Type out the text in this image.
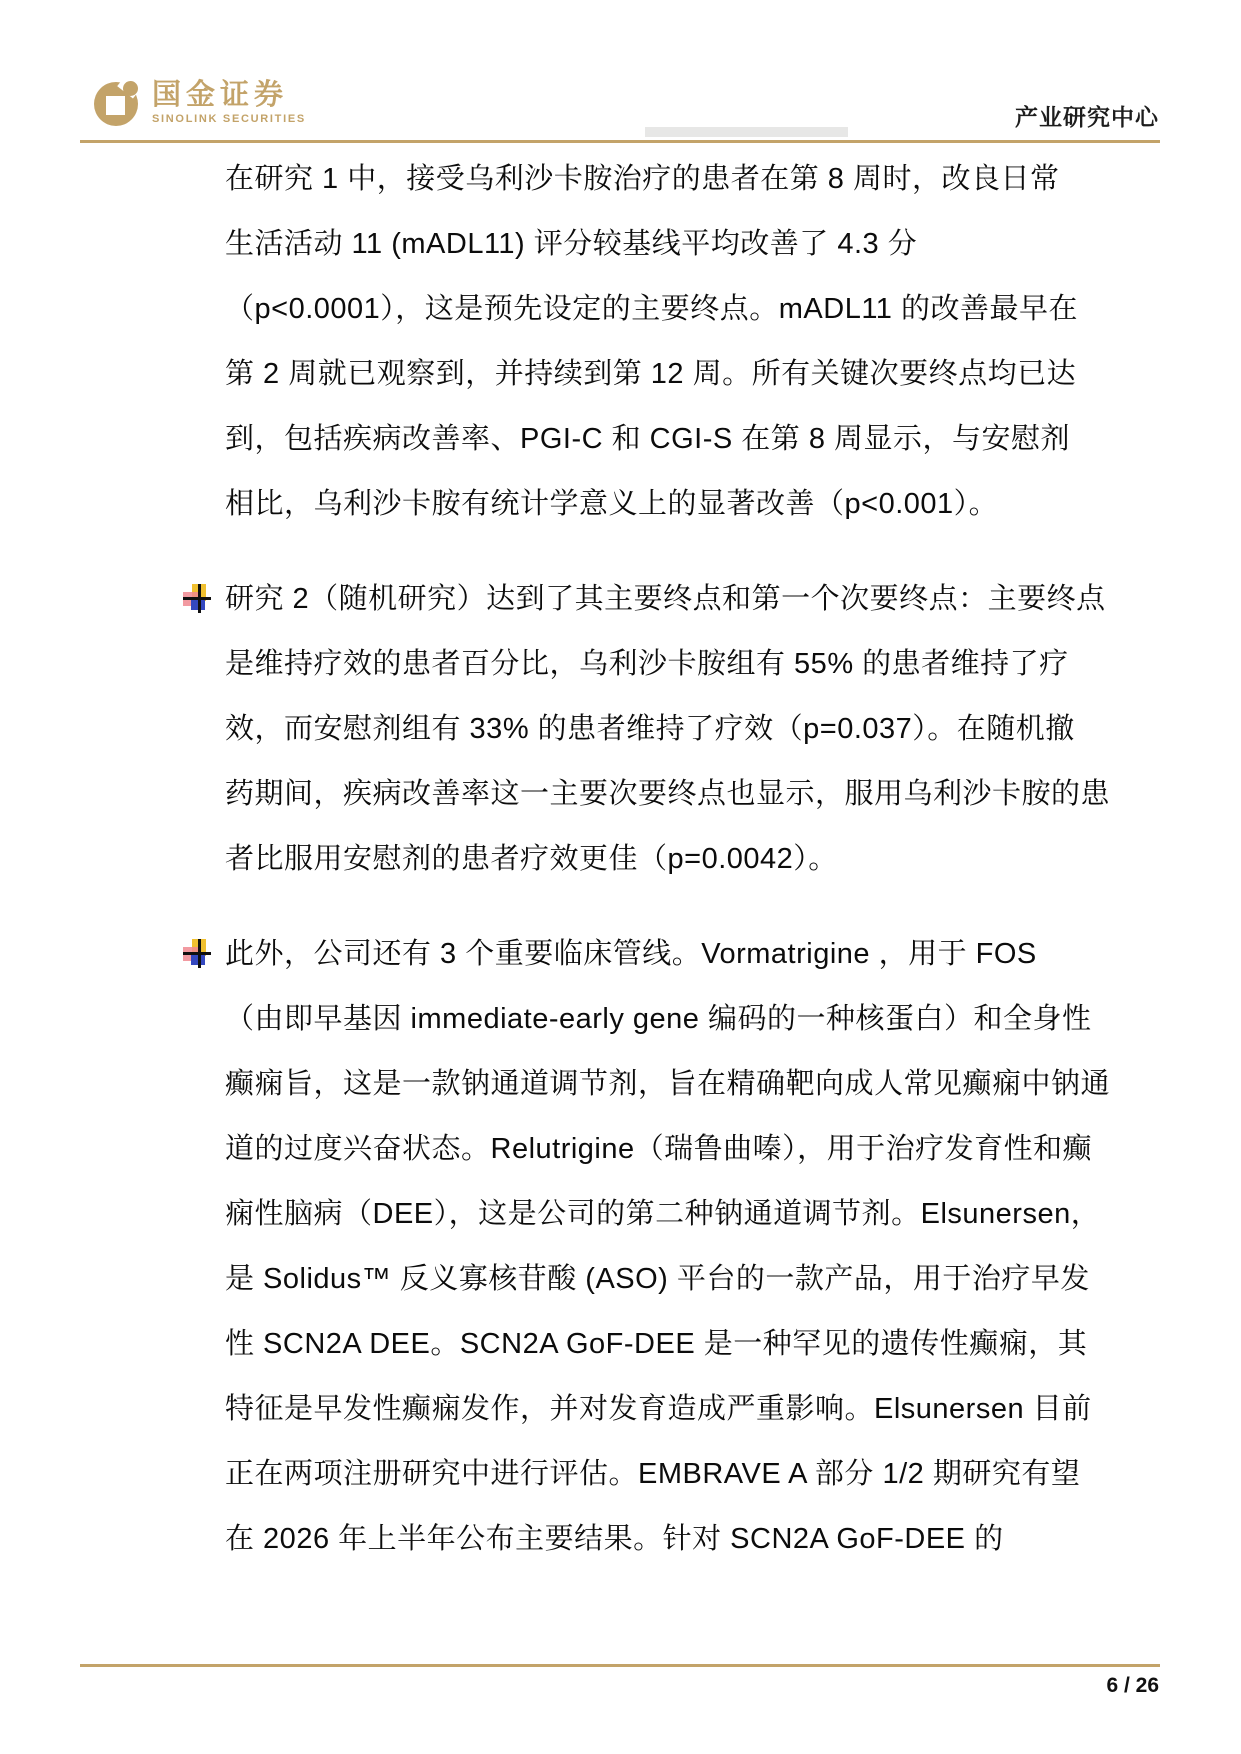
国金证券
SINOLINK SECURITIES	产业研究中心
在研究 1 中，接受乌利沙卡胺治疗的患者在第 8 周时，改良日常
生活活动 11 (mADL11) 评分较基线平均改善了 4.3 分
（p<0.0001），这是预先设定的主要终点。mADL11 的改善最早在
第 2 周就已观察到，并持续到第 12 周。所有关键次要终点均已达
到，包括疾病改善率、PGI-C 和 CGI-S 在第 8 周显示，与安慰剂
相比，乌利沙卡胺有统计学意义上的显著改善（p<0.001）。
研究 2（随机研究）达到了其主要终点和第一个次要终点：主要终点
是维持疗效的患者百分比，乌利沙卡胺组有 55% 的患者维持了疗
效，而安慰剂组有 33% 的患者维持了疗效（p=0.037）。在随机撤
药期间，疾病改善率这一主要次要终点也显示，服用乌利沙卡胺的患
者比服用安慰剂的患者疗效更佳（p=0.0042）。
此外，公司还有 3 个重要临床管线。Vormatrigine ，用于 FOS
（由即早基因 immediate-early gene 编码的一种核蛋白）和全身性
癫痫旨，这是一款钠通道调节剂，旨在精确靶向成人常见癫痫中钠通
道的过度兴奋状态。Relutrigine（瑞鲁曲嗪），用于治疗发育性和癫
痫性脑病（DEE），这是公司的第二种钠通道调节剂。Elsunersen，
是 Solidus™ 反义寡核苷酸 (ASO) 平台的一款产品，用于治疗早发
性 SCN2A DEE。SCN2A GoF-DEE 是一种罕见的遗传性癫痫，其
特征是早发性癫痫发作，并对发育造成严重影响。Elsunersen 目前
正在两项注册研究中进行评估。EMBRAVE A 部分 1/2 期研究有望
在 2026 年上半年公布主要结果。针对 SCN2A GoF-DEE 的
6 / 26
